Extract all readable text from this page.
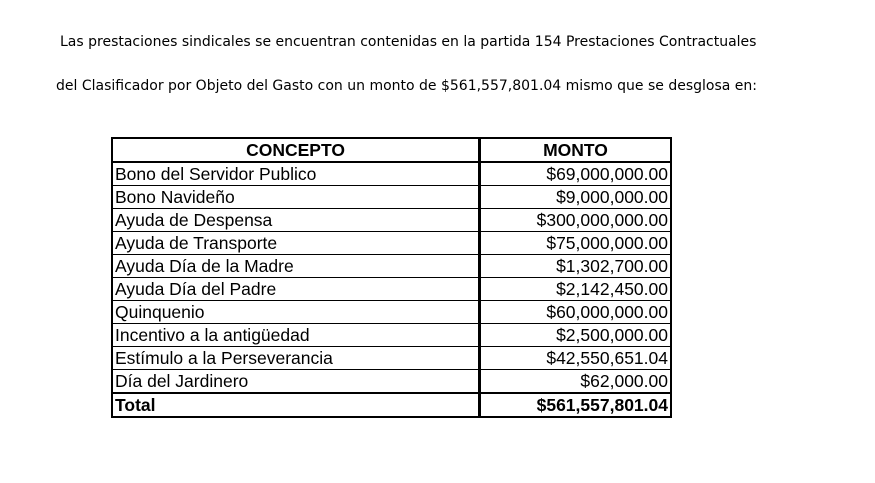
Las prestaciones sindicales se encuentran contenidas en la partida 154 Prestaciones Contractuales

del Clasificador por Objeto del Gasto con un monto de $561,557,801.04 mismo que se desglosa en:

CONCEPTO	MONTO
Bono del Servidor Publico	$69,000,000.00
Bono Navideño	$9,000,000.00
Ayuda de Despensa	$300,000,000.00
Ayuda de Transporte	$75,000,000.00
Ayuda Día de la Madre	$1,302,700.00
Ayuda Día del Padre	$2,142,450.00
Quinquenio	$60,000,000.00
Incentivo a la antigüedad	$2,500,000.00
Estímulo a la Perseverancia	$42,550,651.04
Día del Jardinero	$62,000.00
Total	$561,557,801.04
